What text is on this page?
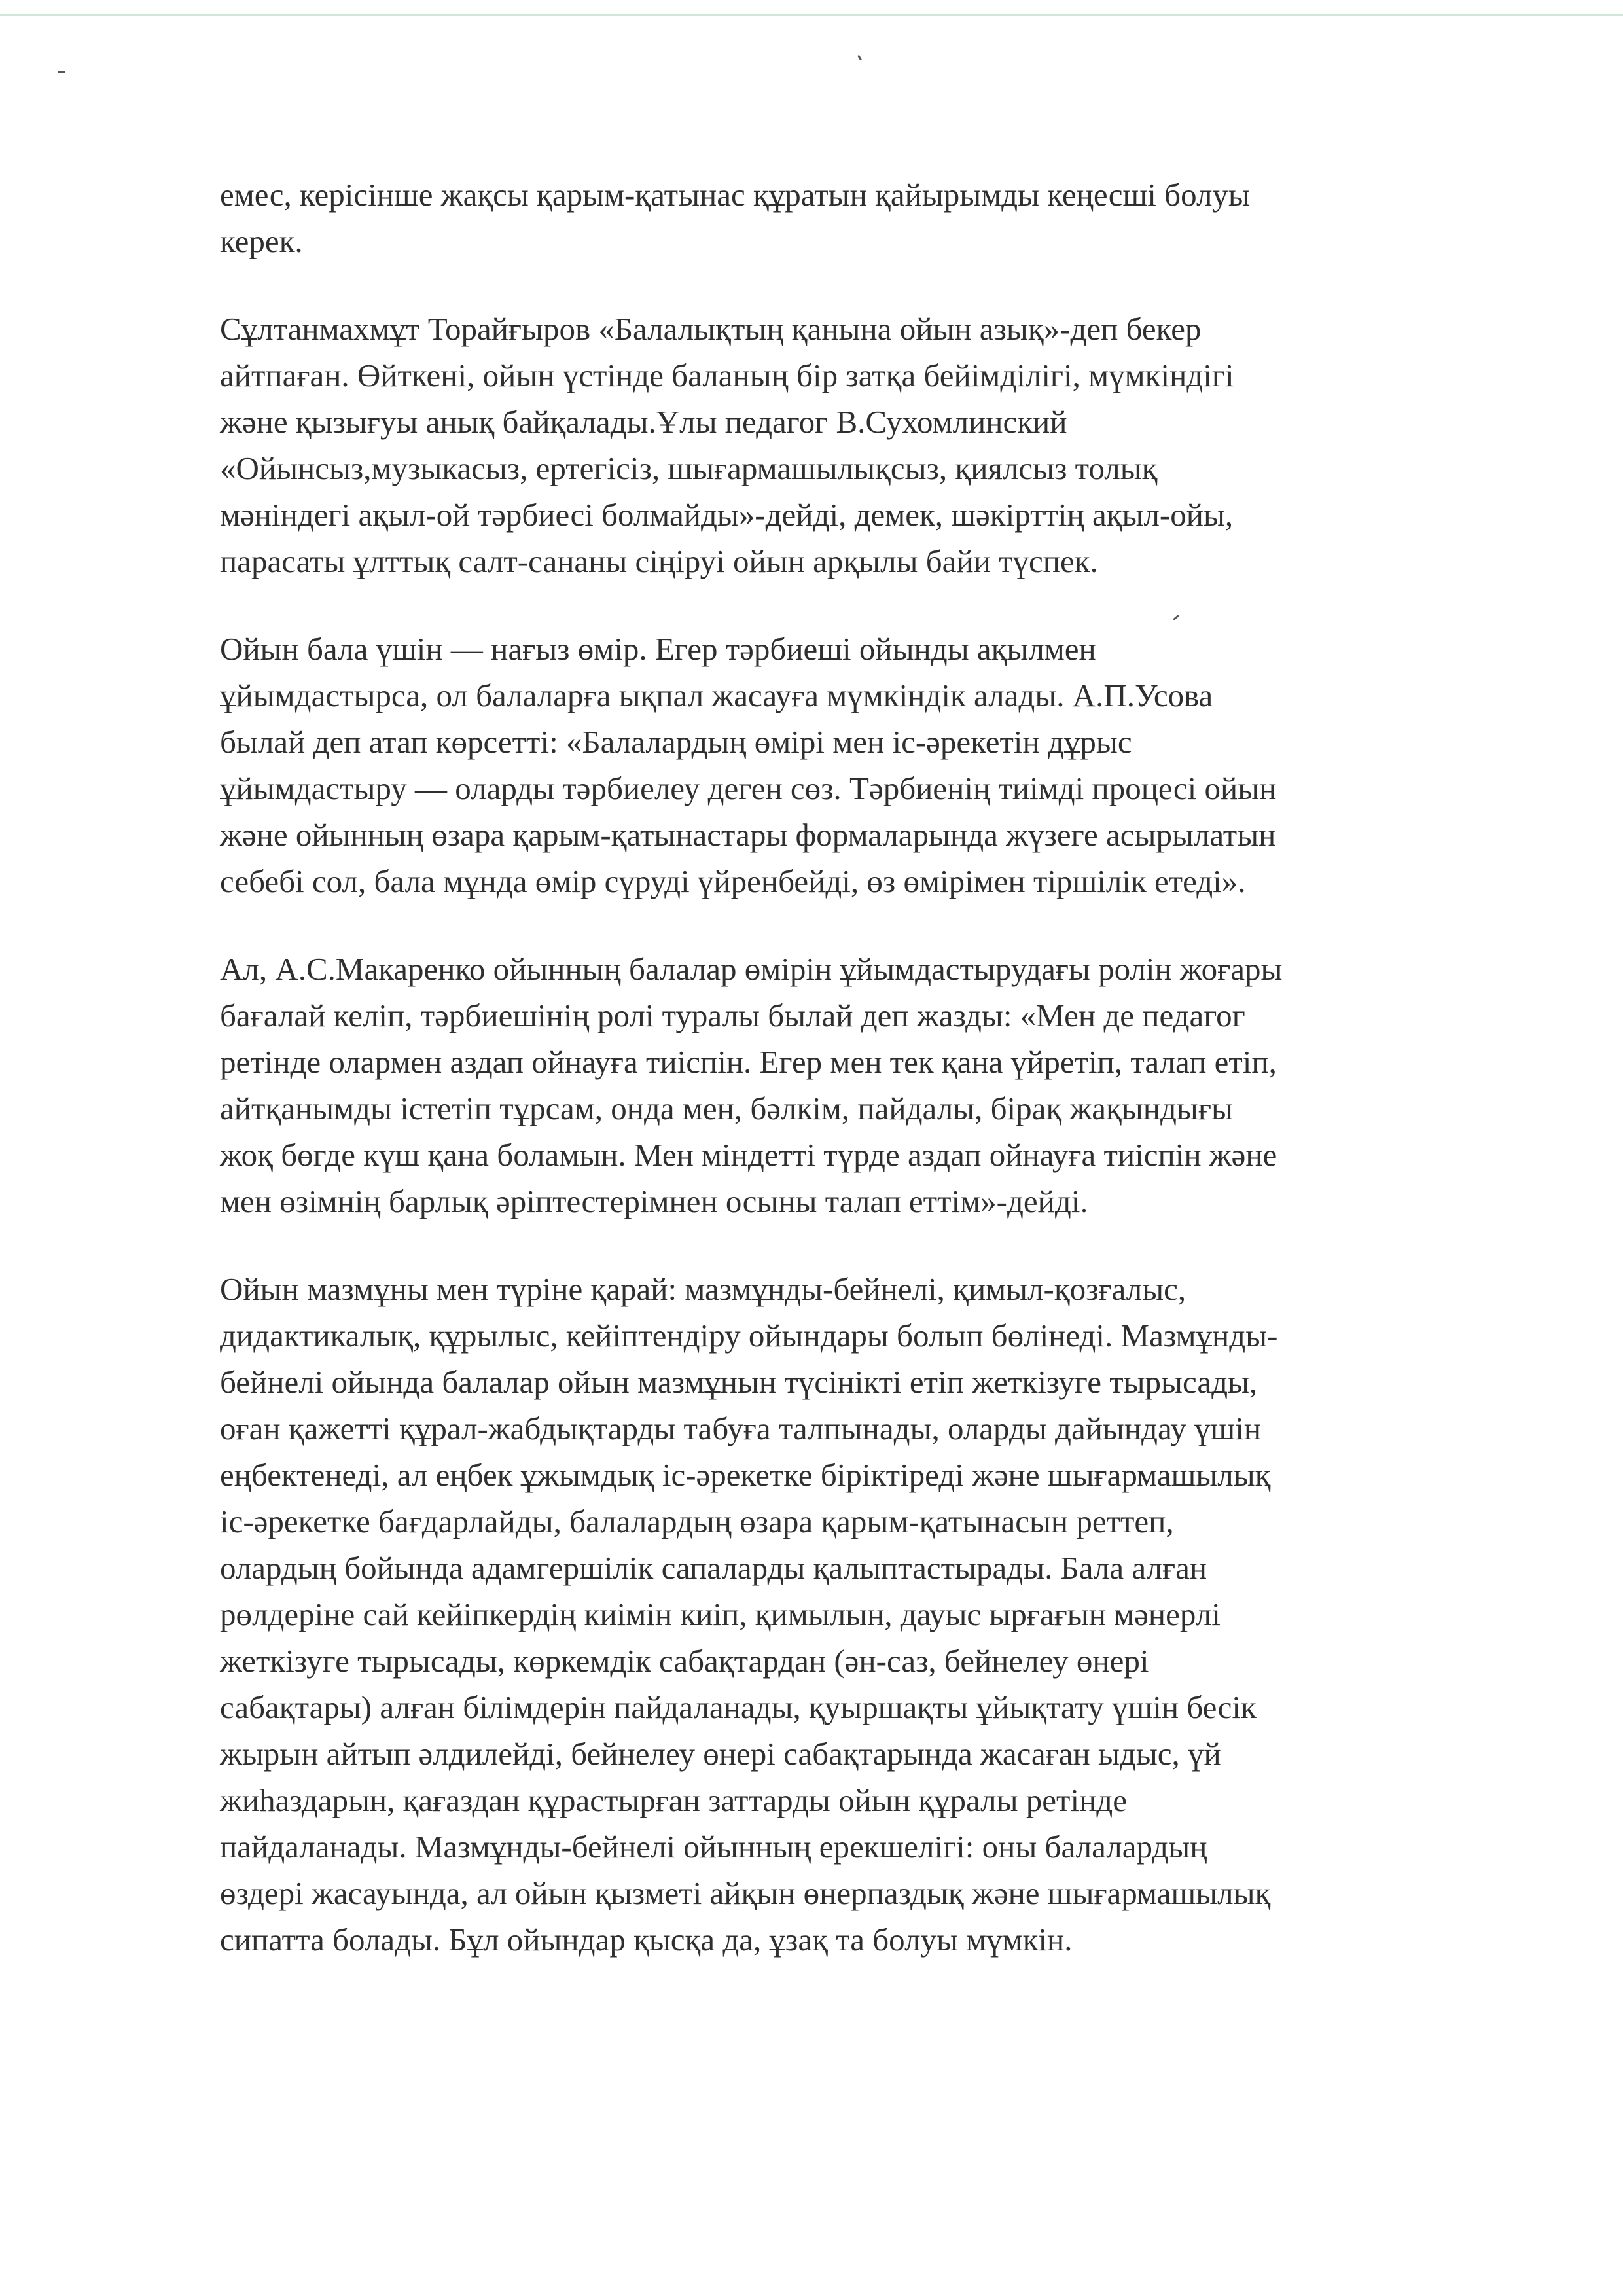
емес, керісінше жақсы қарым-қатынас құратын қайырымды кеңесші болуы
керек.

Сұлтанмахмұт Торайғыров «Балалықтың қанына ойын азық»-деп бекер
айтпаған. Өйткені, ойын үстінде баланың бір затқа бейімділігі, мүмкіндігі
және қызығуы анық байқалады.Ұлы педагог В.Сухомлинский
«Ойынсыз,музыкасыз, ертегісіз, шығармашылықсыз, қиялсыз толық
мәніндегі ақыл-ой тәрбиесі болмайды»-дейді, демек, шәкірттің ақыл-ойы,
парасаты ұлттық салт-сананы сіңіруі ойын арқылы байи түспек.

Ойын бала үшін — нағыз өмір. Егер тәрбиеші ойынды ақылмен
ұйымдастырса, ол балаларға ықпал жасауға мүмкіндік алады. А.П.Усова
былай деп атап көрсетті: «Балалардың өмірі мен іс-әрекетін дұрыс
ұйымдастыру — оларды тәрбиелеу деген сөз. Тәрбиенің тиімді процесі ойын
және ойынның өзара қарым-қатынастары формаларында жүзеге асырылатын
себебі сол, бала мұнда өмір сүруді үйренбейді, өз өмірімен тіршілік етеді».

Ал, А.С.Макаренко ойынның балалар өмірін ұйымдастырудағы ролін жоғары
бағалай келіп, тәрбиешінің ролі туралы былай деп жазды: «Мен де педагог
ретінде олармен аздап ойнауға тиіспін. Егер мен тек қана үйретіп, талап етіп,
айтқанымды істетіп тұрсам, онда мен, бәлкім, пайдалы, бірақ жақындығы
жоқ бөгде күш қана боламын. Мен міндетті түрде аздап ойнауға тиіспін және
мен өзімнің барлық әріптестерімнен осыны талап еттім»-дейді.

Ойын мазмұны мен түріне қарай: мазмұнды-бейнелі, қимыл-қозғалыс,
дидактикалық, құрылыс, кейіптендіру ойындары болып бөлінеді. Мазмұнды-
бейнелі ойында балалар ойын мазмұнын түсінікті етіп жеткізуге тырысады,
оған қажетті құрал-жабдықтарды табуға талпынады, оларды дайындау үшін
еңбектенеді, ал еңбек ұжымдық іс-әрекетке біріктіреді және шығармашылық
іс-әрекетке бағдарлайды, балалардың өзара қарым-қатынасын реттеп,
олардың бойында адамгершілік сапаларды қалыптастырады. Бала алған
рөлдеріне сай кейіпкердің киімін киіп, қимылын, дауыс ырғағын мәнерлі
жеткізуге тырысады, көркемдік сабақтардан (ән-саз, бейнелеу өнері
сабақтары) алған білімдерін пайдаланады, қуыршақты ұйықтату үшін бесік
жырын айтып әлдилейді, бейнелеу өнері сабақтарында жасаған ыдыс, үй
жиһаздарын, қағаздан құрастырған заттарды ойын құралы ретінде
пайдаланады. Мазмұнды-бейнелі ойынның ерекшелігі: оны балалардың
өздері жасауында, ал ойын қызметі айқын өнерпаздық және шығармашылық
сипатта болады. Бұл ойындар қысқа да, ұзақ та болуы мүмкін.
